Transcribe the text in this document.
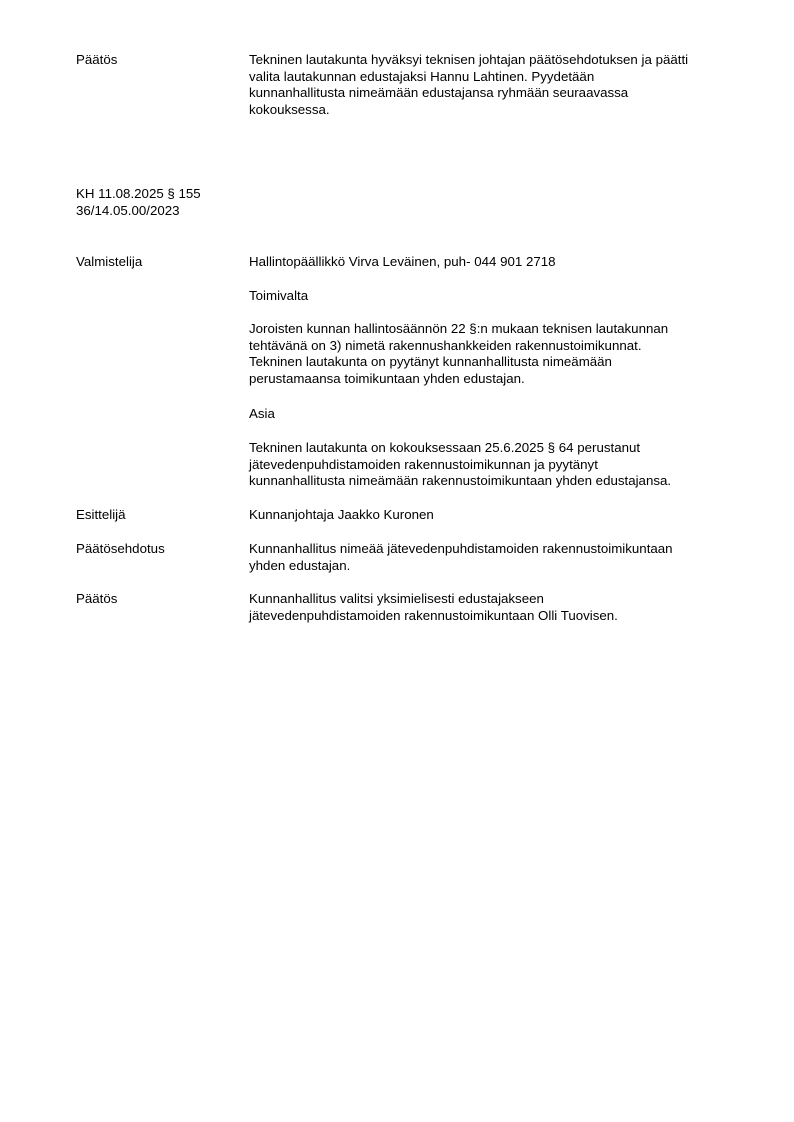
Päätös	Tekninen lautakunta hyväksyi teknisen johtajan päätösehdotuksen ja päätti

valita lautakunnan edustajaksi Hannu Lahtinen. Pyydetään

kunnanhallitusta nimeämään edustajansa ryhmään seuraavassa

kokouksessa.

KH 11.08.2025 § 155
36/14.05.00/2023
Valmistelija	Hallintopäällikkö Virva Leväinen, puh- 044 901 2718

Toimivalta

Joroisten kunnan hallintosäännön 22 §:n mukaan teknisen lautakunnan

tehtävänä on 3) nimetä rakennushankkeiden rakennustoimikunnat.

Tekninen lautakunta on pyytänyt kunnanhallitusta nimeämään

perustamaansa toimikuntaan yhden edustajan.

Asia

Tekninen lautakunta on kokouksessaan 25.6.2025 § 64 perustanut

jätevedenpuhdistamoiden rakennustoimikunnan ja pyytänyt

kunnanhallitusta nimeämään rakennustoimikuntaan yhden edustajansa.

Esittelijä	Kunnanjohtaja Jaakko Kuronen

Päätösehdotus	Kunnanhallitus nimeää jätevedenpuhdistamoiden rakennustoimikuntaan

yhden edustajan.

Päätös	Kunnanhallitus valitsi yksimielisesti edustajakseen

jätevedenpuhdistamoiden rakennustoimikuntaan Olli Tuovisen.
